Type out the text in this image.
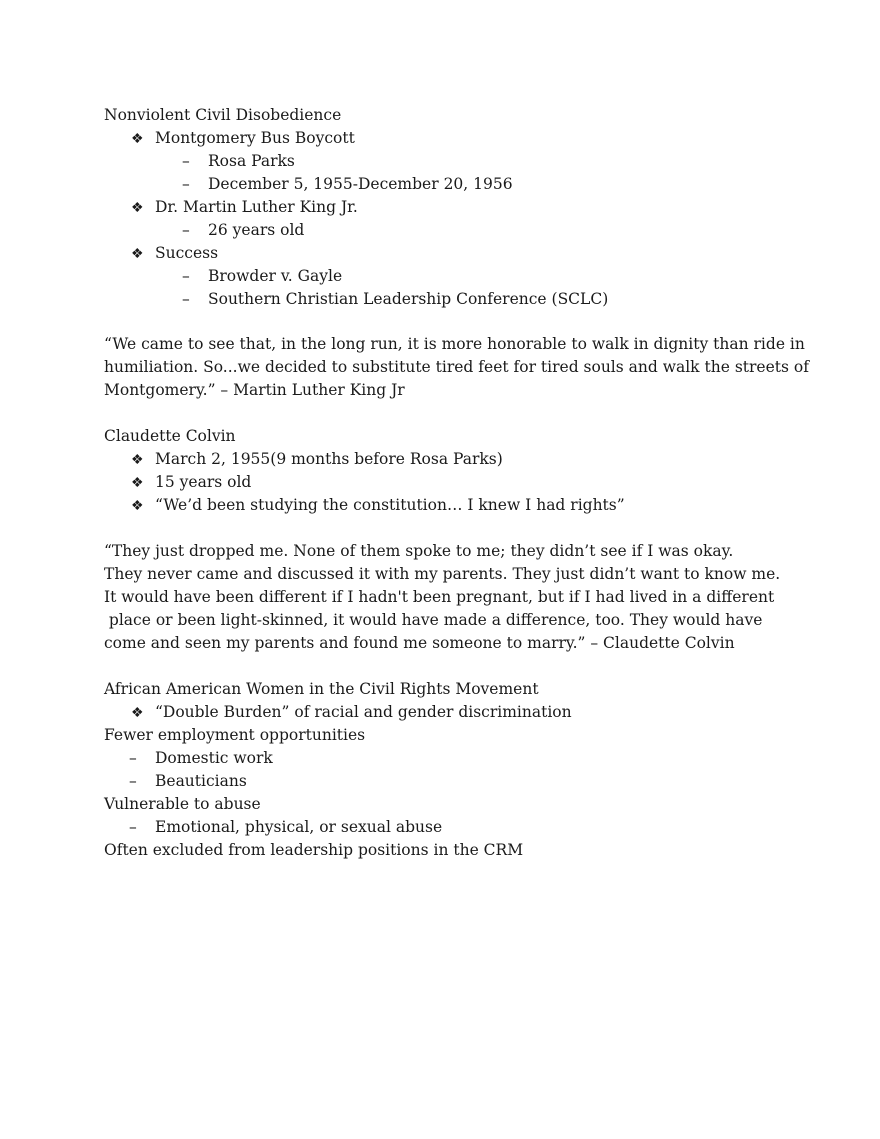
Nonviolent Civil Disobedience
❖ Montgomery Bus Boycott
– Rosa Parks
– December 5, 1955-December 20, 1956
❖ Dr. Martin Luther King Jr.
– 26 years old
❖ Success
– Browder v. Gayle
– Southern Christian Leadership Conference (SCLC)
“We came to see that, in the long run, it is more honorable to walk in dignity than ride in
humiliation. So...we decided to substitute tired feet for tired souls and walk the streets of
Montgomery.” – Martin Luther King Jr
Claudette Colvin
❖ March 2, 1955(9 months before Rosa Parks)
❖ 15 years old
❖ “We’d been studying the constitution… I knew I had rights”
“They just dropped me. None of them spoke to me; they didn’t see if I was okay.
They never came and discussed it with my parents. They just didn’t want to know me.
It would have been different if I hadn't been pregnant, but if I had lived in a different
place or been light-skinned, it would have made a difference, too. They would have
come and seen my parents and found me someone to marry.” – Claudette Colvin
African American Women in the Civil Rights Movement
❖ “Double Burden” of racial and gender discrimination
Fewer employment opportunities
– Domestic work
– Beauticians
Vulnerable to abuse
– Emotional, physical, or sexual abuse
Often excluded from leadership positions in the CRM
